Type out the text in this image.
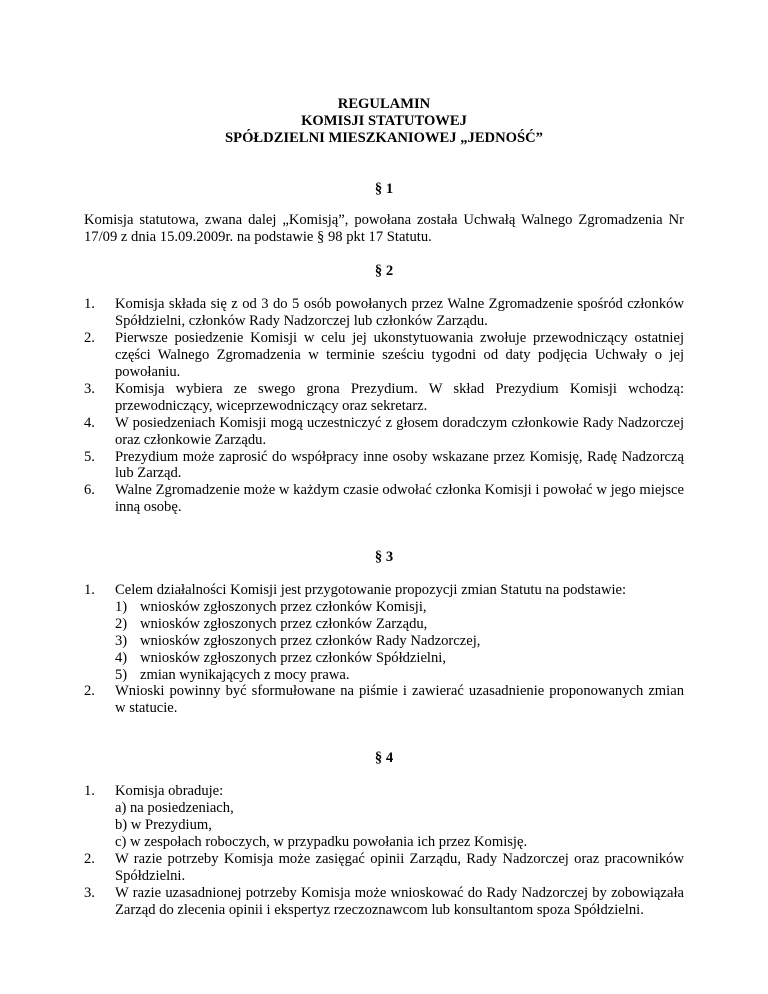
REGULAMIN
KOMISJI STATUTOWEJ
SPÓŁDZIELNI MIESZKANIOWEJ „JEDNOŚĆ”
§ 1
Komisja statutowa, zwana dalej „Komisją”, powołana została Uchwałą Walnego Zgromadzenia Nr 17/09 z dnia 15.09.2009r. na podstawie § 98 pkt 17 Statutu.
§ 2
1. Komisja składa się z od 3 do 5 osób powołanych przez Walne Zgromadzenie spośród członków Spółdzielni, członków Rady Nadzorczej lub członków Zarządu.
2. Pierwsze posiedzenie Komisji w celu jej ukonstytuowania zwołuje przewodniczący ostatniej części Walnego Zgromadzenia w terminie sześciu tygodni od daty podjęcia Uchwały o jej powołaniu.
3. Komisja wybiera ze swego grona Prezydium. W skład Prezydium Komisji wchodzą: przewodniczący, wiceprzewodniczący oraz sekretarz.
4. W posiedzeniach Komisji mogą uczestniczyć z głosem doradczym członkowie Rady Nadzorczej oraz członkowie Zarządu.
5. Prezydium może zaprosić do współpracy inne osoby wskazane przez Komisję, Radę Nadzorczą lub Zarząd.
6. Walne Zgromadzenie może w każdym czasie odwołać członka Komisji i powołać w jego miejsce inną osobę.
§ 3
1. Celem działalności Komisji jest przygotowanie propozycji zmian Statutu na podstawie:
1) wniosków zgłoszonych przez członków Komisji,
2) wniosków zgłoszonych przez członków Zarządu,
3) wniosków zgłoszonych przez członków Rady Nadzorczej,
4) wniosków zgłoszonych przez członków Spółdzielni,
5) zmian wynikających z mocy prawa.
2. Wnioski powinny być sformułowane na piśmie i zawierać uzasadnienie proponowanych zmian w statucie.
§ 4
1. Komisja obraduje:
a) na posiedzeniach,
b) w Prezydium,
c) w zespołach roboczych, w przypadku powołania ich przez Komisję.
2. W razie potrzeby Komisja może zasięgać opinii Zarządu, Rady Nadzorczej oraz pracowników Spółdzielni.
3. W razie uzasadnionej potrzeby Komisja może wnioskować do Rady Nadzorczej by zobowiązała Zarząd do zlecenia opinii i ekspertyz rzeczoznawcom lub konsultantom spoza Spółdzielni.
